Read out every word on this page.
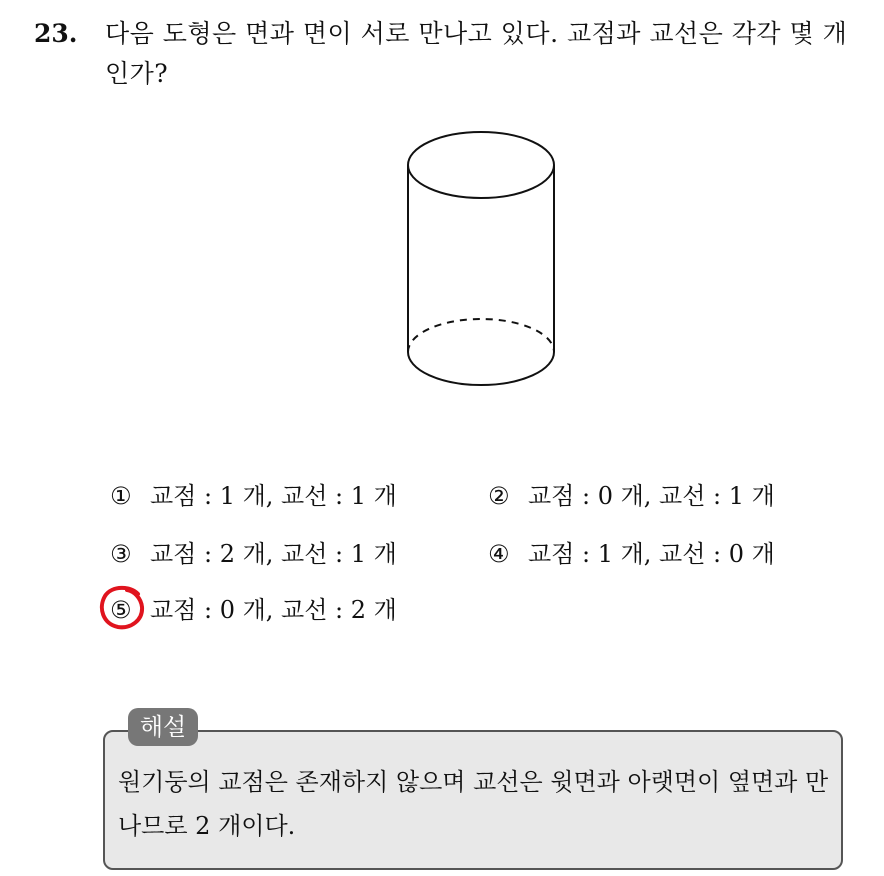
23. 다음 도형은 면과 면이 서로 만나고 있다. 교점과 교선은 각각 몇 개인가?
① 교점 : 1 개, 교선 : 1 개	② 교점 : 0 개, 교선 : 1 개
③ 교점 : 2 개, 교선 : 1 개	④ 교점 : 1 개, 교선 : 0 개
⑤ 교점 : 0 개, 교선 : 2 개
해설
원기둥의 교점은 존재하지 않으며 교선은 윗면과 아랫면이 옆면과 만나므로 2 개이다.
